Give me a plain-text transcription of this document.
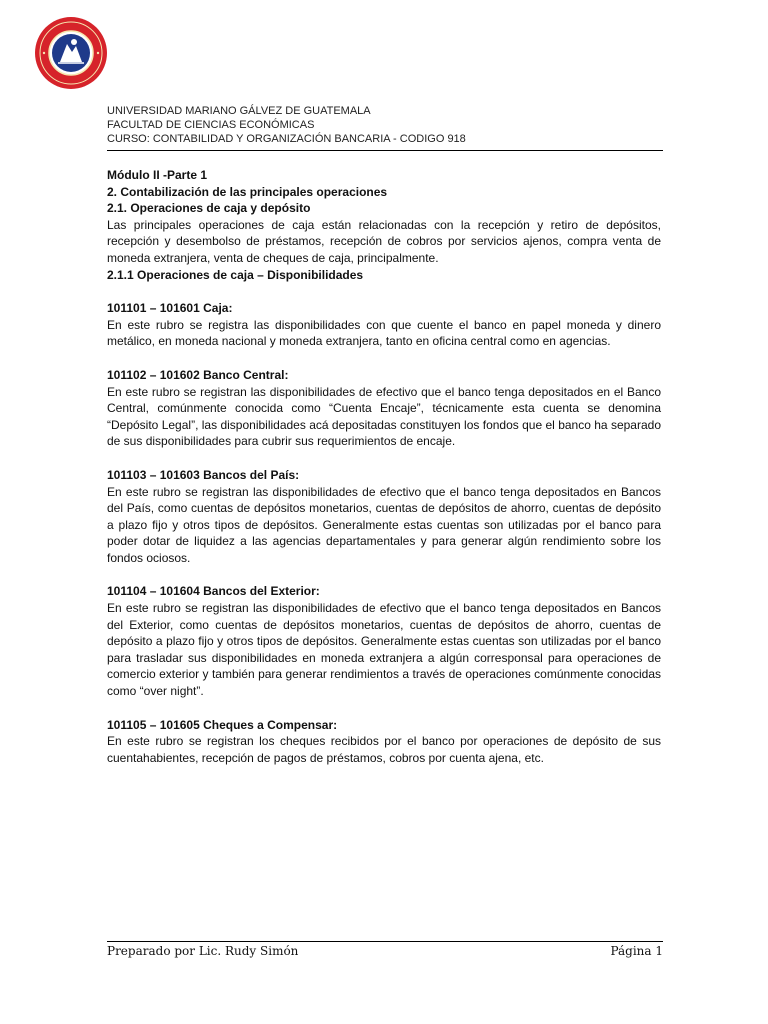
UNIVERSIDAD MARIANO GÁLVEZ DE GUATEMALA
FACULTAD DE CIENCIAS ECONÓMICAS
CURSO: CONTABILIDAD Y ORGANIZACIÓN BANCARIA - CODIGO 918

Módulo II -Parte 1

2. Contabilización de las principales operaciones

2.1. Operaciones de caja y depósito

Las principales operaciones de caja están relacionadas con la recepción y retiro de depósitos, recepción y desembolso de préstamos, recepción de cobros por servicios ajenos, compra venta de moneda extranjera, venta de cheques de caja, principalmente.

2.1.1 Operaciones de caja – Disponibilidades

101101 – 101601 Caja:

En este rubro se registra las disponibilidades con que cuente el banco en papel moneda y dinero metálico, en moneda nacional y moneda extranjera, tanto en oficina central como en agencias.

101102 – 101602 Banco Central:

En este rubro se registran las disponibilidades de efectivo que el banco tenga depositados en el Banco Central, comúnmente conocida como “Cuenta Encaje”, técnicamente esta cuenta se denomina “Depósito Legal”, las disponibilidades acá depositadas constituyen los fondos que el banco ha separado de sus disponibilidades para cubrir sus requerimientos de encaje.

101103 – 101603 Bancos del País:

En este rubro se registran las disponibilidades de efectivo que el banco tenga depositados en Bancos del País, como cuentas de depósitos monetarios, cuentas de depósitos de ahorro, cuentas de depósito a plazo fijo y otros tipos de depósitos. Generalmente estas cuentas son utilizadas por el banco para poder dotar de liquidez a las agencias departamentales y para generar algún rendimiento sobre los fondos ociosos.

101104 – 101604 Bancos del Exterior:

En este rubro se registran las disponibilidades de efectivo que el banco tenga depositados en Bancos del Exterior, como cuentas de depósitos monetarios, cuentas de depósitos de ahorro, cuentas de depósito a plazo fijo y otros tipos de depósitos. Generalmente estas cuentas son utilizadas por el banco para trasladar sus disponibilidades en moneda extranjera a algún corresponsal para operaciones de comercio exterior y también para generar rendimientos a través de operaciones comúnmente conocidas como “over night”.

101105 – 101605 Cheques a Compensar:

En este rubro se registran los cheques recibidos por el banco por operaciones de depósito de sus cuentahabientes, recepción de pagos de préstamos, cobros por cuenta ajena, etc.

Preparado por Lic. Rudy Simón	Página 1
